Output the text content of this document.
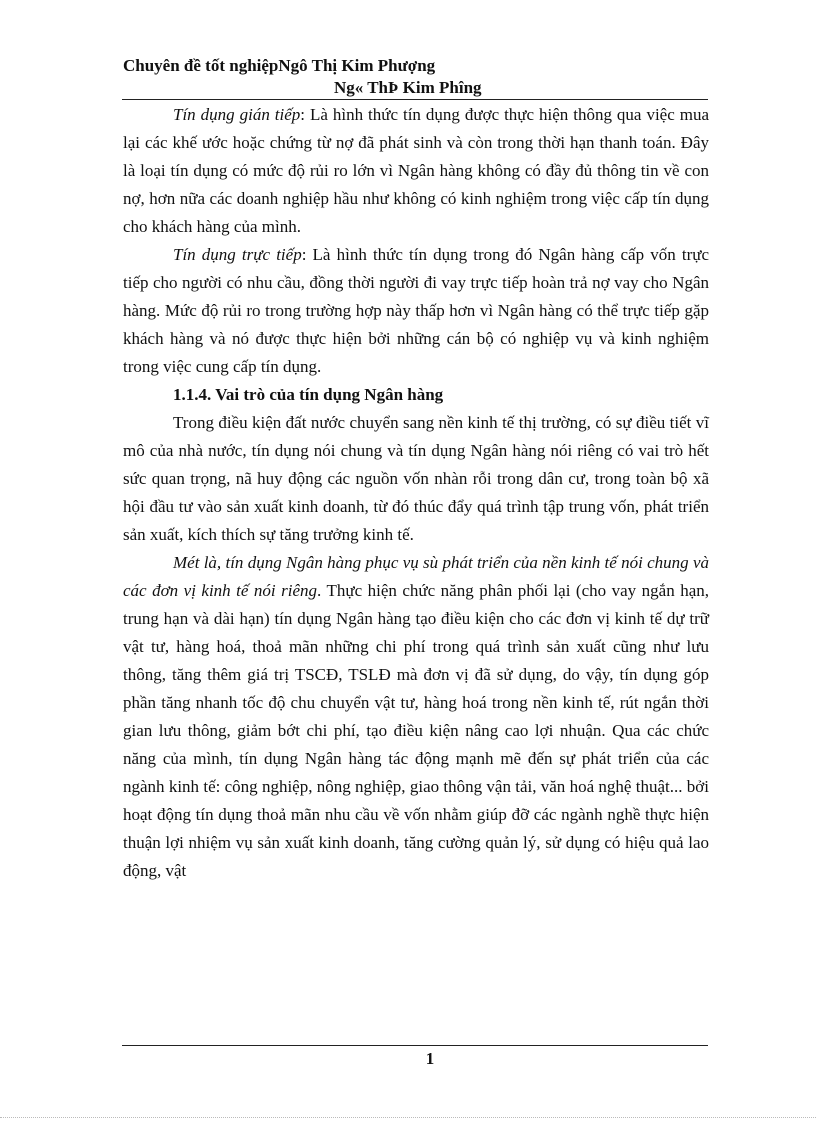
Chuyên đề tốt nghiệpNgô Thị Kim Phượng
Ng« ThÞ Kim Phîng

Tín dụng gián tiếp: Là hình thức tín dụng được thực hiện thông qua việc mua lại các khế ước hoặc chứng từ nợ đã phát sinh và còn trong thời hạn thanh toán. Đây là loại tín dụng có mức độ rủi ro lớn vì Ngân hàng không có đầy đủ thông tin về con nợ, hơn nữa các doanh nghiệp hầu như không có kinh nghiệm trong việc cấp tín dụng cho khách hàng của mình.

Tín dụng trực tiếp: Là hình thức tín dụng trong đó Ngân hàng cấp vốn trực tiếp cho người có nhu cầu, đồng thời người đi vay trực tiếp hoàn trả nợ vay cho Ngân hàng. Mức độ rủi ro trong trường hợp này thấp hơn vì Ngân hàng có thể trực tiếp gặp khách hàng và nó được thực hiện bởi những cán bộ có nghiệp vụ và kinh nghiệm trong việc cung cấp tín dụng.

1.1.4. Vai trò của tín dụng Ngân hàng

Trong điều kiện đất nước chuyển sang nền kinh tế thị trường, có sự điều tiết vĩ mô của nhà nước, tín dụng nói chung và tín dụng Ngân hàng nói riêng có vai trò hết sức quan trọng, nã huy động các nguồn vốn nhàn rỗi trong dân cư, trong toàn bộ xã hội đầu tư vào sản xuất kinh doanh, từ đó thúc đẩy quá trình tập trung vốn, phát triển sản xuất, kích thích sự tăng trưởng kinh tế.

Mét là, tín dụng Ngân hàng phục vụ sù phát triển của nền kinh tế nói chung và các đơn vị kinh tế nói riêng. Thực hiện chức năng phân phối lại (cho vay ngắn hạn, trung hạn và dài hạn) tín dụng Ngân hàng tạo điều kiện cho các đơn vị kinh tế dự trữ vật tư, hàng hoá, thoả mãn những chi phí trong quá trình sản xuất cũng như lưu thông, tăng thêm giá trị TSCĐ, TSLĐ mà đơn vị đã sử dụng, do vậy, tín dụng góp phần tăng nhanh tốc độ chu chuyển vật tư, hàng hoá trong nền kinh tế, rút ngắn thời gian lưu thông, giảm bớt chi phí, tạo điều kiện nâng cao lợi nhuận. Qua các chức năng của mình, tín dụng Ngân hàng tác động mạnh mẽ đến sự phát triển của các ngành kinh tế: công nghiệp, nông nghiệp, giao thông vận tải, văn hoá nghệ thuật... bởi hoạt động tín dụng thoả mãn nhu cầu về vốn nhằm giúp đỡ các ngành nghề thực hiện thuận lợi nhiệm vụ sản xuất kinh doanh, tăng cường quản lý, sử dụng có hiệu quả lao động, vật

1
